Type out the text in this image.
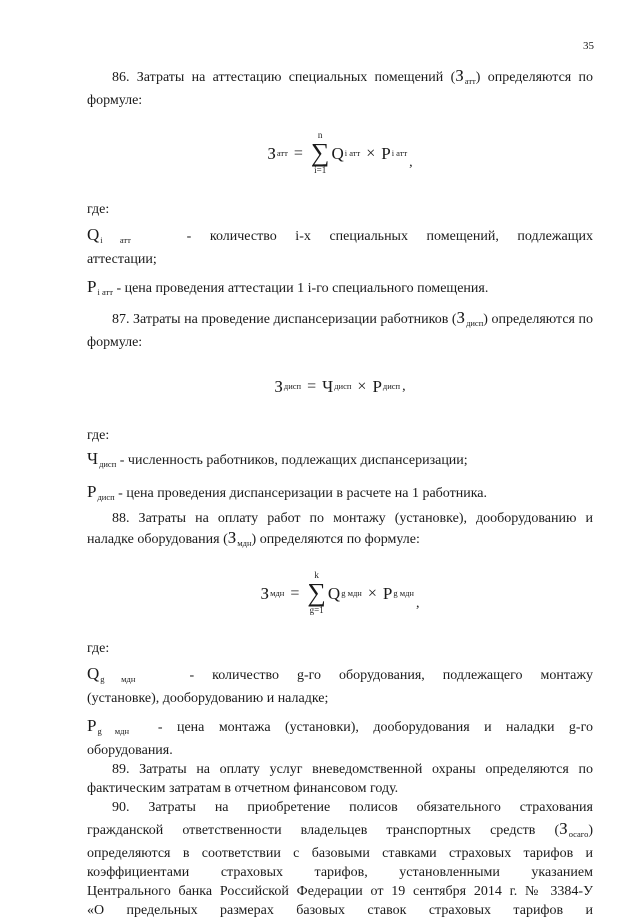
35

86. Затраты на аттестацию специальных помещений $(З_{атт})$ определяются по формуле:

З атт =
n
∑
i=1
Q i атт × P i атт
,

где:

$Q_{i атт}$	- количество i-х специальных помещений, подлежащих

аттестации;

$P_{i атт}$ - цена проведения аттестации 1 i-го специального помещения.

87. Затраты на проведение диспансеризации работников $(З_{дисп})$ определяются по формуле:

З дисп = Ч дисп × P дисп ,

где:

$Ч_{дисп}$ - численность работников, подлежащих диспансеризации;

$P_{дисп}$ - цена проведения диспансеризации в расчете на 1 работника.

88. Затраты на оплату работ по монтажу (установке), дооборудованию и

наладке оборудования $(З_{мдн})$ определяются по формуле:

З мдн =
k
∑
g=1
Q g мдн × P g мдн
,

где:

$Q_{g мдн}$	- количество g-го оборудования, подлежащего монтажу

(установке), дооборудованию и наладке;

$P_{g мдн}$ - цена монтажа (установки), дооборудования и наладки g-го

оборудования.

89. Затраты на оплату услуг вневедомственной охраны определяются по фактическим затратам в отчетном финансовом году.

90. Затраты на приобретение полисов обязательного страхования

гражданской ответственности владельцев транспортных средств $(З_{осаго})$

определяются в соответствии с базовыми ставками страховых тарифов и

коэффициентами страховых тарифов, установленными указанием

Центрального банка Российской Федерации от 19 сентября 2014 г. № 3384-У

«О предельных размерах базовых ставок страховых тарифов и
